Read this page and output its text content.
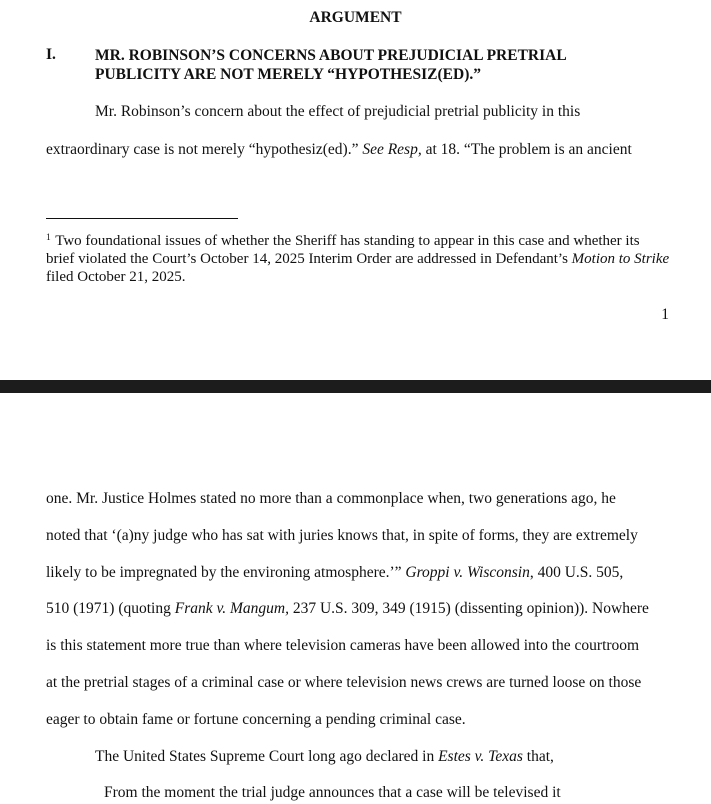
ARGUMENT
I.	MR. ROBINSON’S CONCERNS ABOUT PREJUDICIAL PRETRIAL PUBLICITY ARE NOT MERELY “HYPOTHESIZ(ED).”
Mr. Robinson’s concern about the effect of prejudicial pretrial publicity in this
extraordinary case is not merely “hypothesiz(ed).” See Resp, at 18. “The problem is an ancient
$^1$ Two foundational issues of whether the Sheriff has standing to appear in this case and whether its brief violated the Court’s October 14, 2025 Interim Order are addressed in Defendant’s Motion to Strike filed October 21, 2025.
1
one. Mr. Justice Holmes stated no more than a commonplace when, two generations ago, he
noted that ‘(a)ny judge who has sat with juries knows that, in spite of forms, they are extremely
likely to be impregnated by the environing atmosphere.’” Groppi v. Wisconsin, 400 U.S. 505,
510 (1971) (quoting Frank v. Mangum, 237 U.S. 309, 349 (1915) (dissenting opinion)). Nowhere
is this statement more true than where television cameras have been allowed into the courtroom
at the pretrial stages of a criminal case or where television news crews are turned loose on those
eager to obtain fame or fortune concerning a pending criminal case.
The United States Supreme Court long ago declared in Estes v. Texas that,
From the moment the trial judge announces that a case will be televised it
